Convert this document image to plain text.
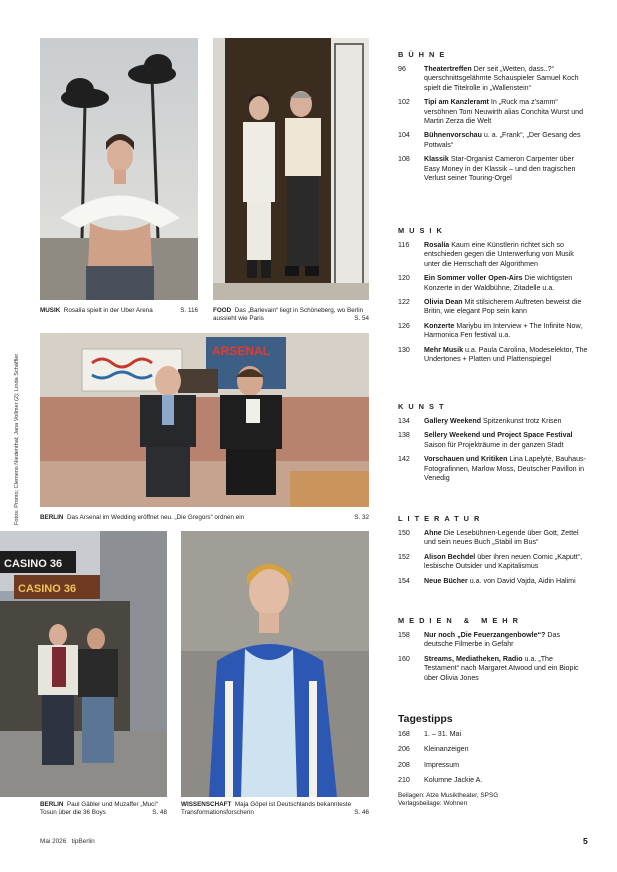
Fotos: Promo; Clemens Niedenthal; Jana Vollmer (2); Linda Schäffler
MUSIK Rosalía spielt in der Uber Arena	S. 116 FOOD Das „Barlevain“ liegt in Schöneberg, wo Berlin aussieht wie Paris	S. 54
ARSENAL
BERLIN Das Arsenal im Wedding eröffnet neu. „Die Gregors“ ordnen ein	S. 32
CASINO 36
CASINO 36
BERLIN Paul Gäbler und Muzaffer „Muci“ Tosun über die 36 Boys	S. 48
WISSENSCHAFT Maja Göpel ist Deutschlands bekannteste Transformationsforscherin	S. 46
BÜHNE
96	Theatertreffen Der seit „Wetten, dass..?“ querschnittsgelähmte Schauspieler Samuel Koch spielt die Titelrolle in „Wallenstein“
102	Tipi am Kanzleramt In „Ruck ma z’samm“ versöhnen Tom Neuwirth alias Conchita Wurst und Martin Zerza die Welt
104	Bühnenvorschau u. a. „Frank“, „Der Gesang des Pottwals“
108	Klassik Star-Organist Cameron Carpenter über Easy Money in der Klassik – und den tragischen Verlust seiner Touring-Orgel
MUSIK
116	Rosalía Kaum eine Künstlerin richtet sich so entschieden gegen die Unterwerfung von Musik unter die Herrschaft der Algorithmen
120	Ein Sommer voller Open-Airs Die wichtigsten Konzerte in der Waldbühne, Zitadelle u.a.
122	Olivia Dean Mit stilsicherem Auftreten beweist die Britin, wie elegant Pop sein kann
126	Konzerte Mariybu im Interview + The Infinite Now, Harmonica Fen festival u.a.
130	Mehr Musik u.a. Paula Carolina, Modeselektor, The Undertones + Platten und Plattenspiegel
KUNST
134	Gallery Weekend Spitzenkunst trotz Krisen
138	Sellery Weekend und Project Space Festival Saison für Projekträume in der ganzen Stadt
142	Vorschauen und Kritiken Lina Lapelytė, Bauhaus-Fotografinnen, Marlow Moss, Deutscher Pavillon in Venedig
LITERATUR
150	Ahne Die Lesebühnen-Legende über Gott, Zettel und sein neues Buch „Stabil im Bus“
152	Alison Bechdel über ihren neuen Comic „Kaputt“, lesbische Outsider und Kapitalismus
154	Neue Bücher u.a. von David Vajda, Aidin Halimi
MEDIEN & MEHR
158	Nur noch „Die Feuerzangenbowle“? Das deutsche Filmerbe in Gefahr
160	Streams, Mediatheken, Radio u.a. „The Testament“ nach Margaret Atwood und ein Biopic über Olivia Jones
Tagestipps
168	1. – 31. Mai
206	Kleinanzeigen
208	Impressum
210	Kolumne Jackie A.
Beilagen: Atze Musiktheater, SPSG
Verlagsbeilage: Wohnen
Mai 2026 tipBerlin	5
